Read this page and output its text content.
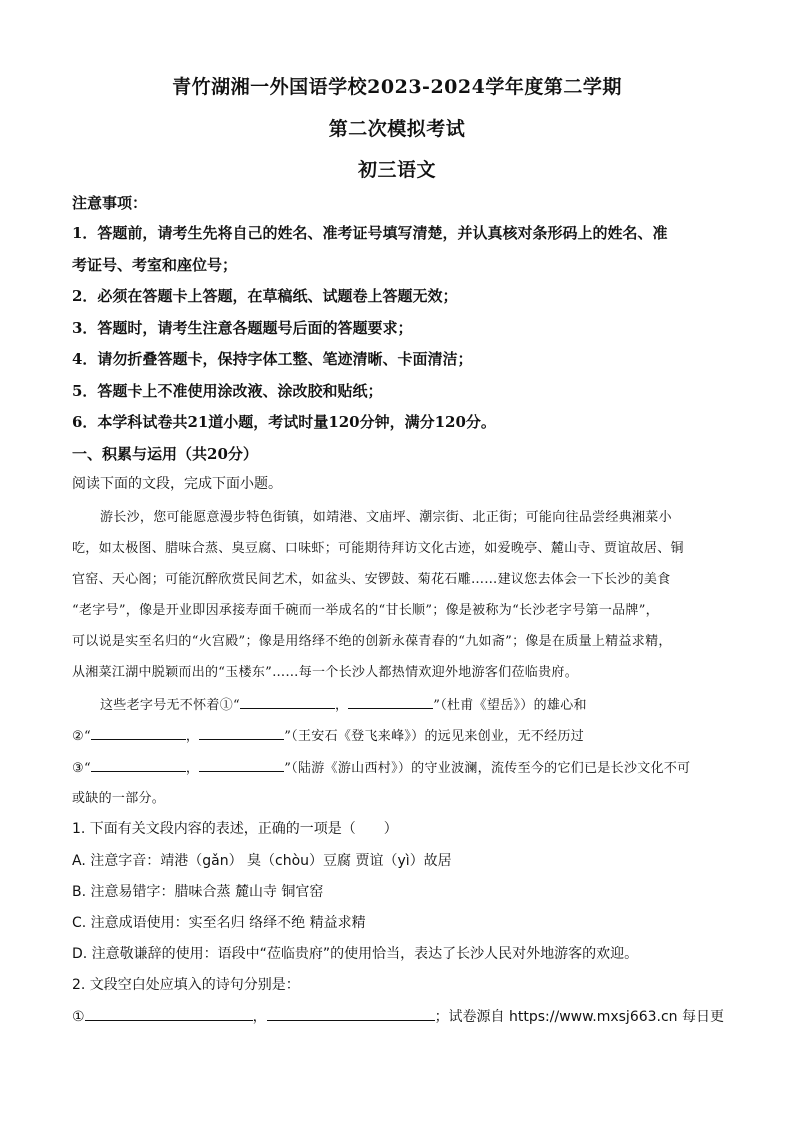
青竹湖湘一外国语学校2023-2024学年度第二学期
第二次模拟考试
初三语文
注意事项：
1．答题前，请考生先将自己的姓名、准考证号填写清楚，并认真核对条形码上的姓名、准
考证号、考室和座位号；
2．必须在答题卡上答题，在草稿纸、试题卷上答题无效；
3．答题时，请考生注意各题题号后面的答题要求；
4．请勿折叠答题卡，保持字体工整、笔迹清晰、卡面清洁；
5．答题卡上不准使用涂改液、涂改胶和贴纸；
6．本学科试卷共21道小题，考试时量120分钟，满分120分。
一、积累与运用（共20分）
阅读下面的文段，完成下面小题。
游长沙，您可能愿意漫步特色街镇，如靖港、文庙坪、潮宗街、北正街；可能向往品尝经典湘菜小
吃，如太极图、腊味合蒸、臭豆腐、口味虾；可能期待拜访文化古迹，如爱晚亭、麓山寺、贾谊故居、铜
官窑、天心阁；可能沉醉欣赏民间艺术，如盆头、安锣鼓、菊花石雕……建议您去体会一下长沙的美食
“老字号”，像是开业即因承接寿面千碗而一举成名的“甘长顺”；像是被称为“长沙老字号第一品牌”，
可以说是实至名归的“火宫殿”；像是用络绎不绝的创新永葆青春的“九如斋”；像是在质量上精益求精，
从湘菜江湖中脱颖而出的“玉楼东”……每一个长沙人都热情欢迎外地游客们莅临贵府。
这些老字号无不怀着①“	，	”（杜甫《望岳》）的雄心和
②“	，	”（王安石《登飞来峰》）的远见来创业，无不经历过
③“	，	”（陆游《游山西村》）的守业波澜，流传至今的它们已是长沙文化不可
或缺的一部分。
1. 下面有关文段内容的表述，正确的一项是（　　）
A. 注意字音：靖港（gǎn） 臭（chòu）豆腐 贾谊（yì）故居
B. 注意易错字：腊味合蒸 麓山寺 铜官窑
C. 注意成语使用：实至名归 络绎不绝 精益求精
D. 注意敬谦辞的使用：语段中“莅临贵府”的使用恰当，表达了长沙人民对外地游客的欢迎。
2. 文段空白处应填入的诗句分别是：
①	，	；试卷源自 https://www.mxsj663.cn 每日更
